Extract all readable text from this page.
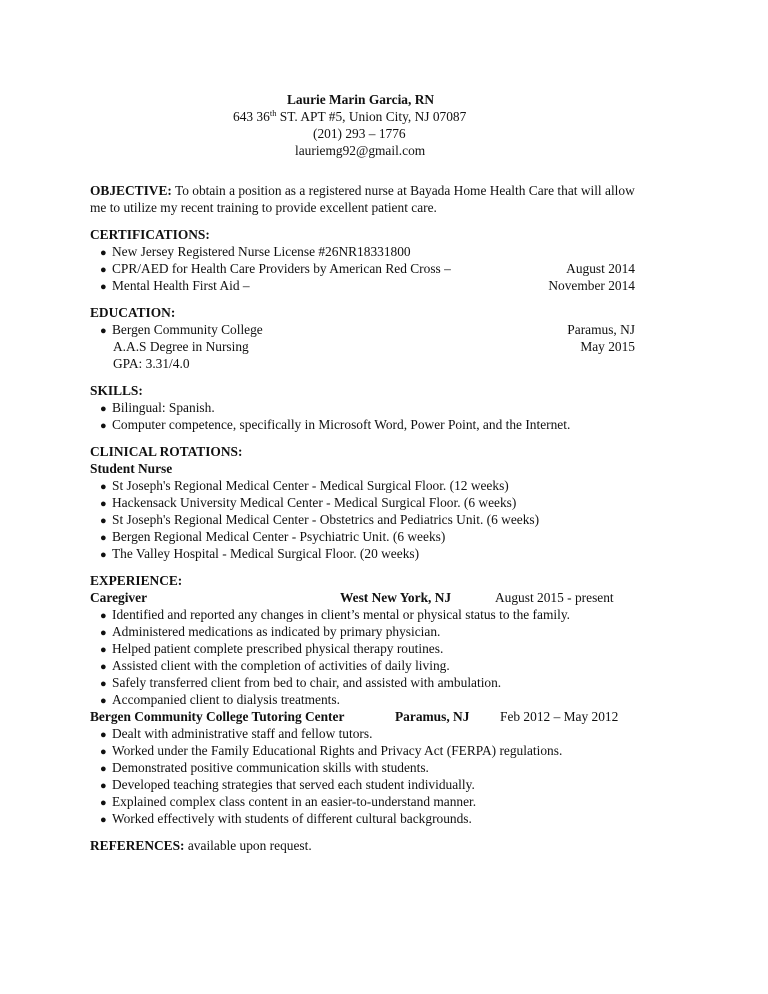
Laurie Marin Garcia, RN
643 36th ST. APT #5, Union City, NJ 07087
(201) 293 – 1776
lauriemg92@gmail.com
OBJECTIVE: To obtain a position as a registered nurse at Bayada Home Health Care that will allow me to utilize my recent training to provide excellent patient care.
CERTIFICATIONS:
● New Jersey Registered Nurse License #26NR18331800
● CPR/AED for Health Care Providers by American Red Cross –	August 2014
● Mental Health First Aid –	November 2014
EDUCATION:
● Bergen Community College	Paramus, NJ
A.A.S Degree in Nursing	May 2015
GPA: 3.31/4.0
SKILLS:
● Bilingual: Spanish.
● Computer competence, specifically in Microsoft Word, Power Point, and the Internet.
CLINICAL ROTATIONS:
Student Nurse
● St Joseph's Regional Medical Center - Medical Surgical Floor. (12 weeks)
● Hackensack University Medical Center - Medical Surgical Floor. (6 weeks)
● St Joseph's Regional Medical Center - Obstetrics and Pediatrics Unit. (6 weeks)
● Bergen Regional Medical Center - Psychiatric Unit. (6 weeks)
● The Valley Hospital - Medical Surgical Floor. (20 weeks)
EXPERIENCE:
Caregiver	West New York, NJ	August 2015 - present
● Identified and reported any changes in client’s mental or physical status to the family.
● Administered medications as indicated by primary physician.
● Helped patient complete prescribed physical therapy routines.
● Assisted client with the completion of activities of daily living.
● Safely transferred client from bed to chair, and assisted with ambulation.
● Accompanied client to dialysis treatments.
Bergen Community College Tutoring Center	Paramus, NJ Feb 2012 – May 2012
● Dealt with administrative staff and fellow tutors.
● Worked under the Family Educational Rights and Privacy Act (FERPA) regulations.
● Demonstrated positive communication skills with students.
● Developed teaching strategies that served each student individually.
● Explained complex class content in an easier-to-understand manner.
● Worked effectively with students of different cultural backgrounds.
REFERENCES: available upon request.
